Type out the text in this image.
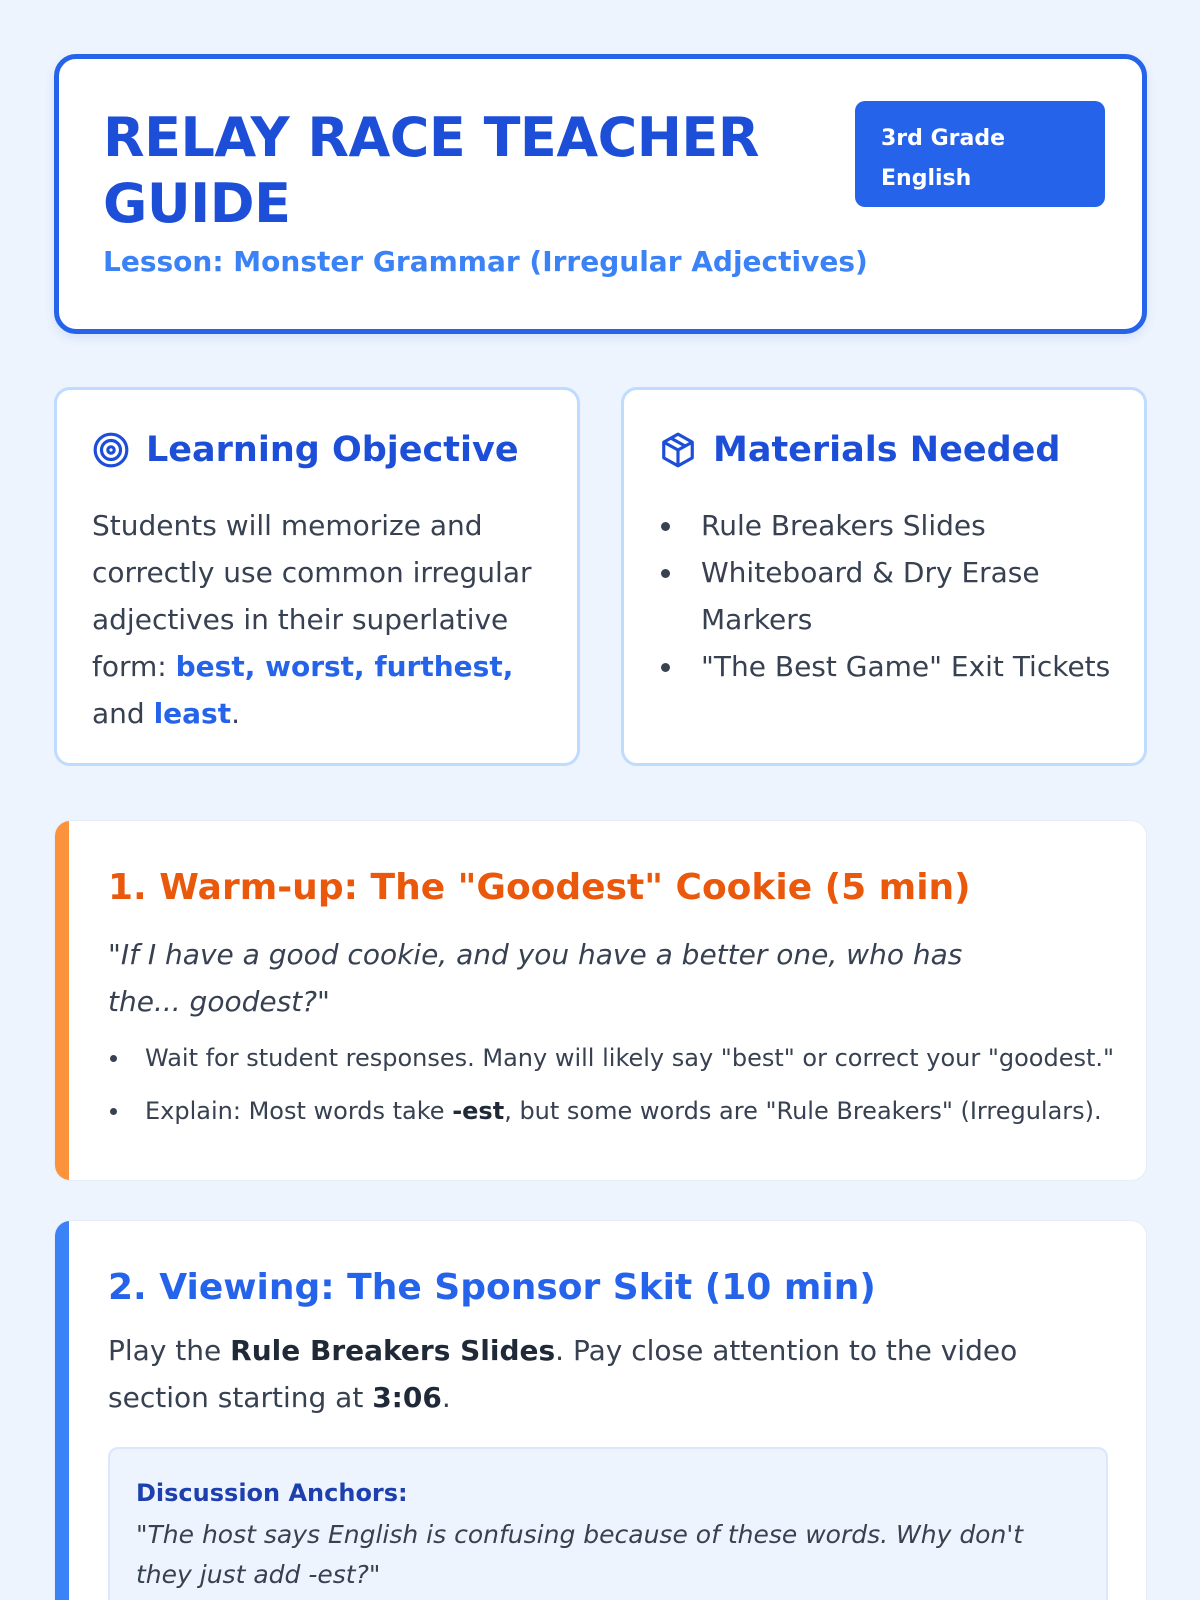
RELAY RACE TEACHER GUIDE
Lesson: Monster Grammar (Irregular Adjectives)
3rd Grade English
Learning Objective
Students will memorize and correctly use common irregular adjectives in their superlative form: best, worst, furthest, and least.
Materials Needed
Rule Breakers Slides
Whiteboard & Dry Erase Markers
"The Best Game" Exit Tickets
1. Warm-up: The "Goodest" Cookie (5 min)
"If I have a good cookie, and you have a better one, who has the... goodest?"
Wait for student responses. Many will likely say "best" or correct your "goodest."
Explain: Most words take -est, but some words are "Rule Breakers" (Irregulars).
2. Viewing: The Sponsor Skit (10 min)
Play the Rule Breakers Slides. Pay close attention to the video section starting at 3:06.
Discussion Anchors:
"The host says English is confusing because of these words. Why don't they just add -est?"
